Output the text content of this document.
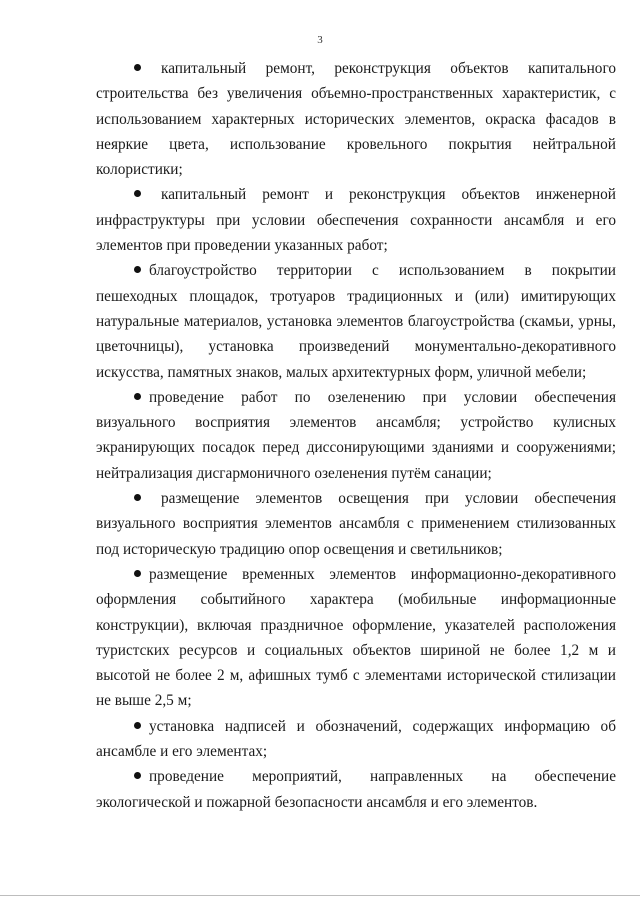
3

капитальный ремонт, реконструкция объектов капитального строительства без увеличения объемно-пространственных характеристик, с использованием характерных исторических элементов, окраска фасадов в неяркие цвета, использование кровельного покрытия нейтральной колористики;

капитальный ремонт и реконструкция объектов инженерной инфраструктуры при условии обеспечения сохранности ансамбля и его элементов при проведении указанных работ;

благоустройство территории с использованием в покрытии пешеходных площадок, тротуаров традиционных и (или) имитирующих натуральные материалов, установка элементов благоустройства (скамьи, урны, цветочницы), установка произведений монументально-декоративного искусства, памятных знаков, малых архитектурных форм, уличной мебели;

проведение работ по озеленению при условии обеспечения визуального восприятия элементов ансамбля; устройство кулисных экранирующих посадок перед диссонирующими зданиями и сооружениями; нейтрализация дисгармоничного озеленения путём санации;

размещение элементов освещения при условии обеспечения визуального восприятия элементов ансамбля с применением стилизованных под историческую традицию опор освещения и светильников;

размещение временных элементов информационно-декоративного оформления событийного характера (мобильные информационные конструкции), включая праздничное оформление, указателей расположения туристских ресурсов и социальных объектов шириной не более 1,2 м и высотой не более 2 м, афишных тумб с элементами исторической стилизации не выше 2,5 м;

установка надписей и обозначений, содержащих информацию об ансамбле и его элементах;

проведение мероприятий, направленных на обеспечение экологической и пожарной безопасности ансамбля и его элементов.
